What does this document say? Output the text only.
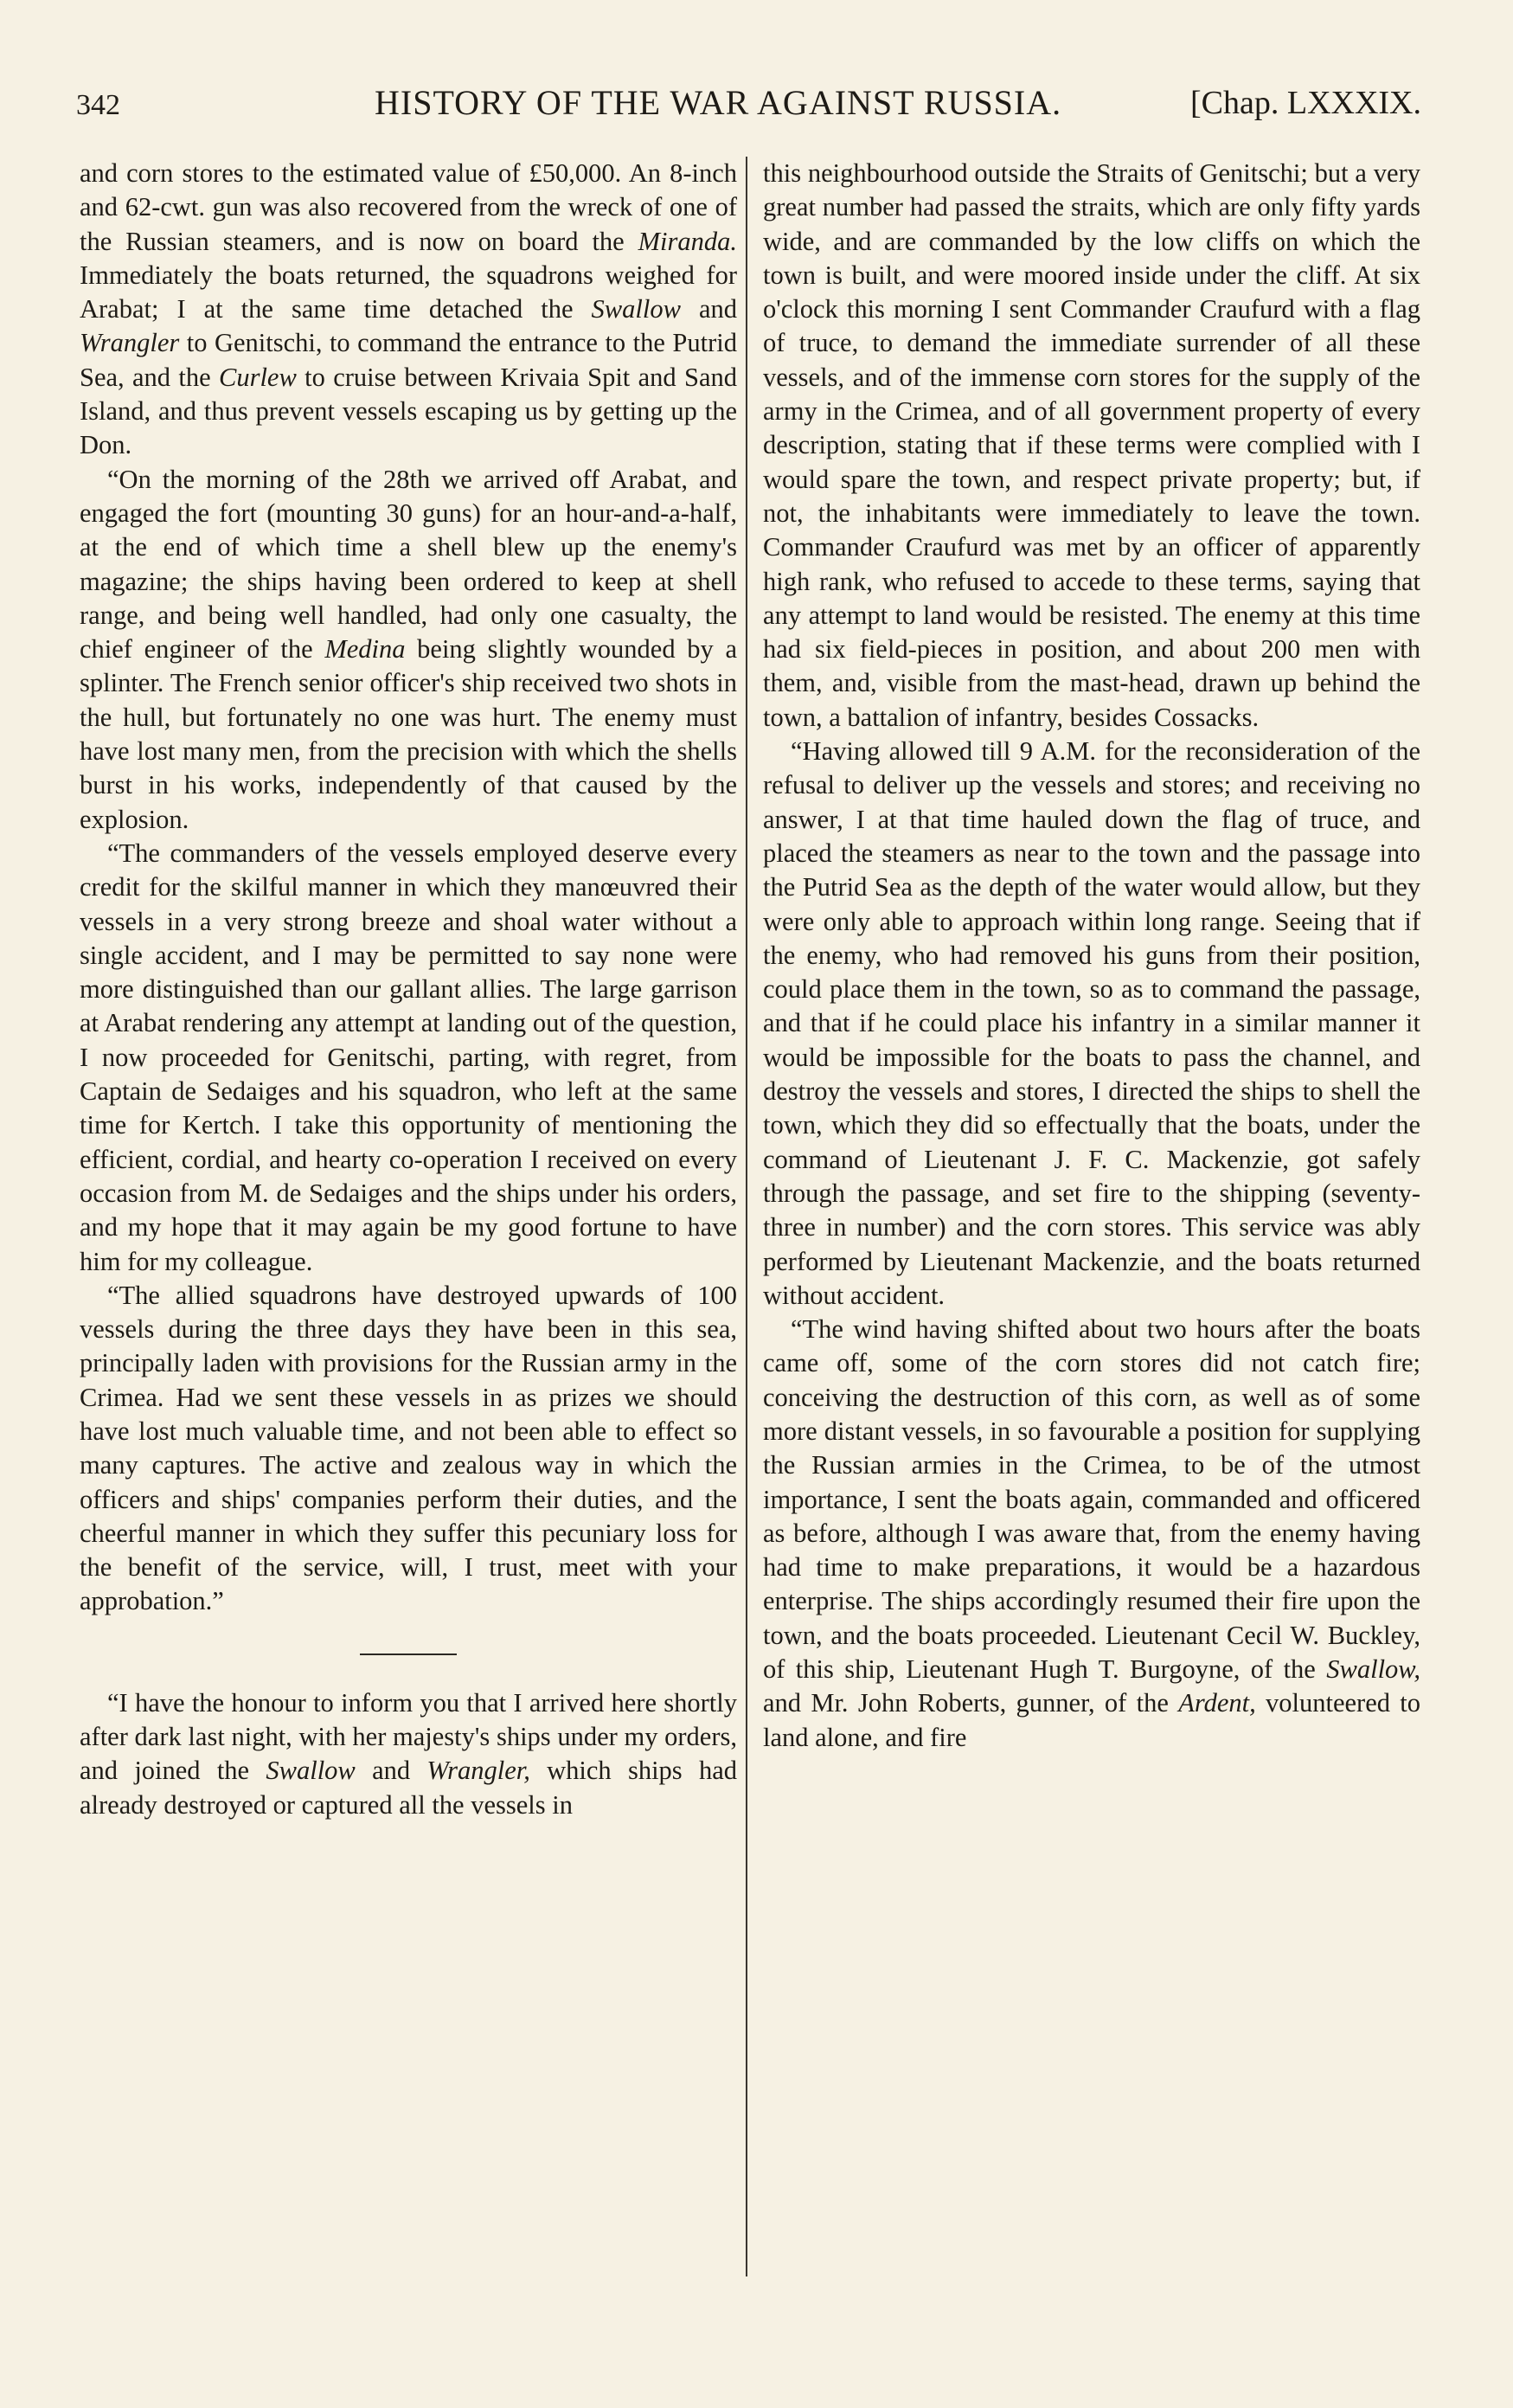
342	HISTORY OF THE WAR AGAINST RUSSIA.	[Chap. LXXXIX.

and corn stores to the estimated value of £50,000. An 8-inch and 62-cwt. gun was also recovered from the wreck of one of the Russian steamers, and is now on board the Miranda. Immediately the boats returned, the squadrons weighed for Arabat; I at the same time detached the Swallow and Wrangler to Genitschi, to command the entrance to the Putrid Sea, and the Curlew to cruise between Krivaia Spit and Sand Island, and thus prevent vessels escaping us by getting up the Don.

“On the morning of the 28th we arrived off Arabat, and engaged the fort (mounting 30 guns) for an hour-and-a-half, at the end of which time a shell blew up the enemy's magazine; the ships having been ordered to keep at shell range, and being well handled, had only one casualty, the chief engineer of the Medina being slightly wounded by a splinter. The French senior officer's ship received two shots in the hull, but fortunately no one was hurt. The enemy must have lost many men, from the precision with which the shells burst in his works, independently of that caused by the explosion.

“The commanders of the vessels employed deserve every credit for the skilful manner in which they manœuvred their vessels in a very strong breeze and shoal water without a single accident, and I may be permitted to say none were more distinguished than our gallant allies. The large garrison at Arabat rendering any attempt at landing out of the question, I now proceeded for Genitschi, parting, with regret, from Captain de Sedaiges and his squadron, who left at the same time for Kertch. I take this opportunity of mentioning the efficient, cordial, and hearty co-operation I received on every occasion from M. de Sedaiges and the ships under his orders, and my hope that it may again be my good fortune to have him for my colleague.

“The allied squadrons have destroyed upwards of 100 vessels during the three days they have been in this sea, principally laden with provisions for the Russian army in the Crimea. Had we sent these vessels in as prizes we should have lost much valuable time, and not been able to effect so many captures. The active and zealous way in which the officers and ships' companies perform their duties, and the cheerful manner in which they suffer this pecuniary loss for the benefit of the service, will, I trust, meet with your approbation.”

“I have the honour to inform you that I arrived here shortly after dark last night, with her majesty's ships under my orders, and joined the Swallow and Wrangler, which ships had already destroyed or captured all the vessels in

this neighbourhood outside the Straits of Genitschi; but a very great number had passed the straits, which are only fifty yards wide, and are commanded by the low cliffs on which the town is built, and were moored inside under the cliff. At six o'clock this morning I sent Commander Craufurd with a flag of truce, to demand the immediate surrender of all these vessels, and of the immense corn stores for the supply of the army in the Crimea, and of all government property of every description, stating that if these terms were complied with I would spare the town, and respect private property; but, if not, the inhabitants were immediately to leave the town. Commander Craufurd was met by an officer of apparently high rank, who refused to accede to these terms, saying that any attempt to land would be resisted. The enemy at this time had six field-pieces in position, and about 200 men with them, and, visible from the mast-head, drawn up behind the town, a battalion of infantry, besides Cossacks.

“Having allowed till 9 A.M. for the reconsideration of the refusal to deliver up the vessels and stores; and receiving no answer, I at that time hauled down the flag of truce, and placed the steamers as near to the town and the passage into the Putrid Sea as the depth of the water would allow, but they were only able to approach within long range. Seeing that if the enemy, who had removed his guns from their position, could place them in the town, so as to command the passage, and that if he could place his infantry in a similar manner it would be impossible for the boats to pass the channel, and destroy the vessels and stores, I directed the ships to shell the town, which they did so effectually that the boats, under the command of Lieutenant J. F. C. Mackenzie, got safely through the passage, and set fire to the shipping (seventy-three in number) and the corn stores. This service was ably performed by Lieutenant Mackenzie, and the boats returned without accident.

“The wind having shifted about two hours after the boats came off, some of the corn stores did not catch fire; conceiving the destruction of this corn, as well as of some more distant vessels, in so favourable a position for supplying the Russian armies in the Crimea, to be of the utmost importance, I sent the boats again, commanded and officered as before, although I was aware that, from the enemy having had time to make preparations, it would be a hazardous enterprise. The ships accordingly resumed their fire upon the town, and the boats proceeded. Lieutenant Cecil W. Buckley, of this ship, Lieutenant Hugh T. Burgoyne, of the Swallow, and Mr. John Roberts, gunner, of the Ardent, volunteered to land alone, and fire
